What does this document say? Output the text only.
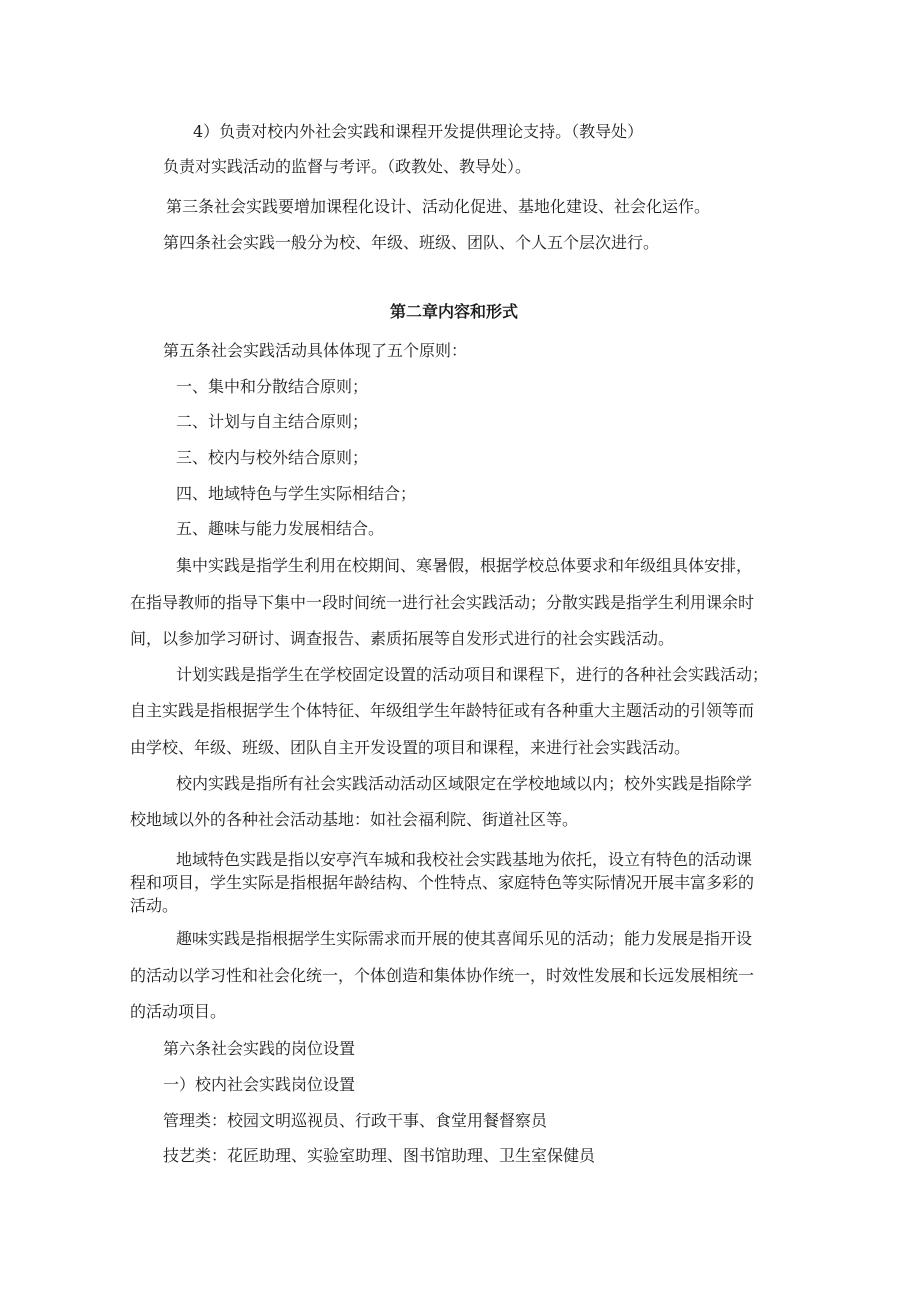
4）负责对校内外社会实践和课程开发提供理论支持。（教导处）
负责对实践活动的监督与考评。（政教处、教导处）。
第三条社会实践要增加课程化设计、活动化促进、基地化建设、社会化运作。
第四条社会实践一般分为校、年级、班级、团队、个人五个层次进行。
第二章内容和形式
第五条社会实践活动具体体现了五个原则：
一、集中和分散结合原则；
二、计划与自主结合原则；
三、校内与校外结合原则；
四、地域特色与学生实际相结合；
五、趣味与能力发展相结合。
集中实践是指学生利用在校期间、寒暑假，根据学校总体要求和年级组具体安排，
在指导教师的指导下集中一段时间统一进行社会实践活动；分散实践是指学生利用课余时
间，以参加学习研讨、调查报告、素质拓展等自发形式进行的社会实践活动。
计划实践是指学生在学校固定设置的活动项目和课程下，进行的各种社会实践活动；
自主实践是指根据学生个体特征、年级组学生年龄特征或有各种重大主题活动的引领等而
由学校、年级、班级、团队自主开发设置的项目和课程，来进行社会实践活动。
校内实践是指所有社会实践活动活动区域限定在学校地域以内；校外实践是指除学
校地域以外的各种社会活动基地：如社会福利院、街道社区等。
地域特色实践是指以安亭汽车城和我校社会实践基地为依托，设立有特色的活动课
程和项目，学生实际是指根据年龄结构、个性特点、家庭特色等实际情况开展丰富多彩的
活动。
趣味实践是指根据学生实际需求而开展的使其喜闻乐见的活动；能力发展是指开设
的活动以学习性和社会化统一，个体创造和集体协作统一，时效性发展和长远发展相统一
的活动项目。
第六条社会实践的岗位设置
一）校内社会实践岗位设置
管理类：校园文明巡视员、行政干事、食堂用餐督察员
技艺类：花匠助理、实验室助理、图书馆助理、卫生室保健员
